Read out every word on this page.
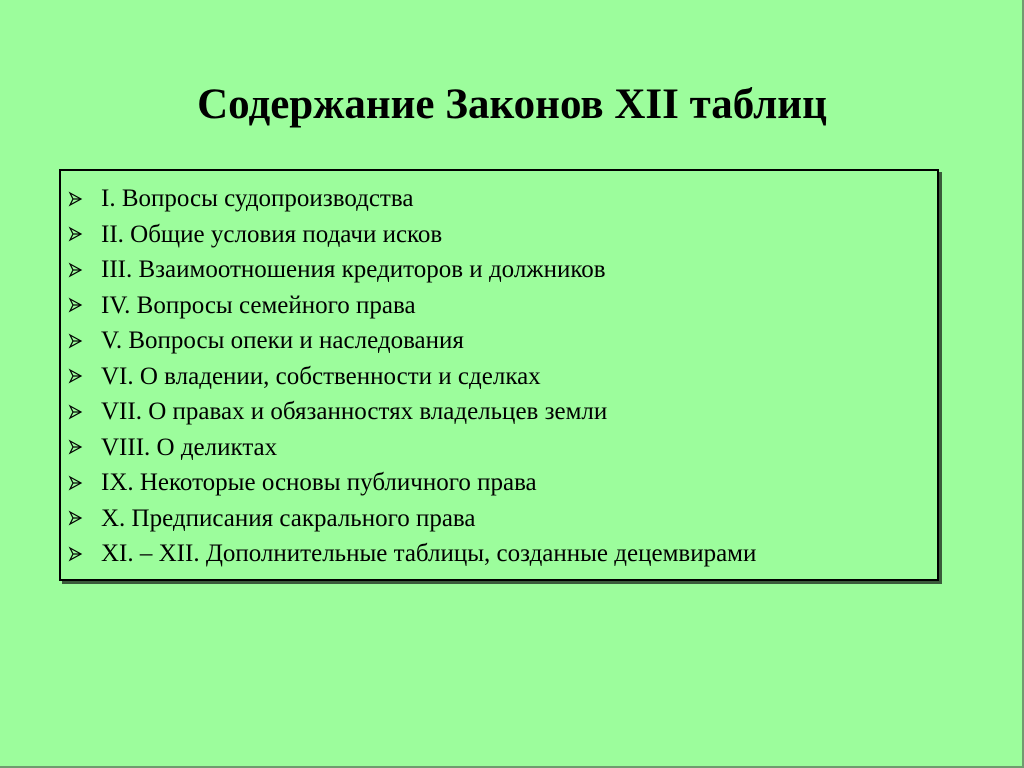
Содержание Законов XII таблиц
I. Вопросы судопроизводства
II. Общие условия подачи исков
III. Взаимоотношения кредиторов и должников
IV. Вопросы семейного права
V. Вопросы опеки и наследования
VI. О владении, собственности и сделках
VII. О правах и обязанностях владельцев земли
VIII. О деликтах
IX. Некоторые основы публичного права
X. Предписания сакрального права
XI. – XII. Дополнительные таблицы, созданные децемвирами
